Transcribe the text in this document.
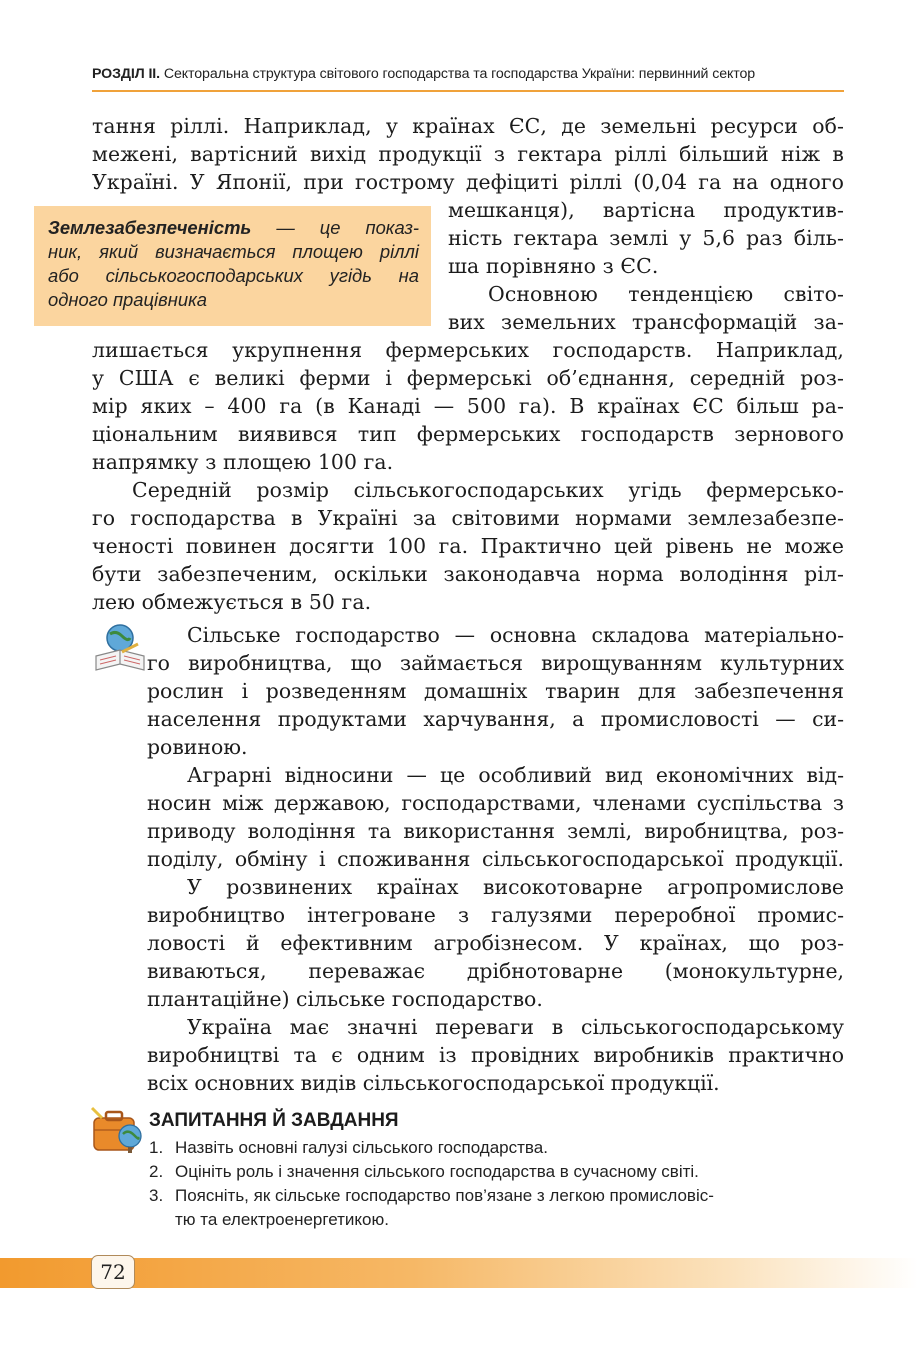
РОЗДІЛ ІІ. Секторальна структура світового господарства та господарства України: первинний сектор
тання ріллі. Наприклад, у країнах ЄС, де земельні ресурси об-
межені, вартісний вихід продукції з гектара ріллі більший ніж в
Україні. У Японії, при гострому дефіциті ріллі (0,04 га на одного
мешканця), вартісна продуктив-
ність гектара землі у 5,6 раз біль-
ша порівняно з ЄС.
Основною тенденцією світо-
вих земельних трансформацій за-
Землезабезпеченість — це показ-
ник, який визначається площею ріллі
або сільськогосподарських угідь на
одного працівника
лишається укрупнення фермерських господарств. Наприклад,
у США є великі ферми і фермерські об’єднання, середній роз-
мір яких – 400 га (в Канаді — 500 га). В країнах ЄС більш ра-
ціональним виявився тип фермерських господарств зернового
напрямку з площею 100 га.
Середній розмір сільськогосподарських угідь фермерсько-
го господарства в Україні за світовими нормами землезабезпе-
ченості повинен досягти 100 га. Практично цей рівень не може
бути забезпеченим, оскільки законодавча норма володіння ріл-
лею обмежується в 50 га.
Сільське господарство — основна складова матеріально-
го виробництва, що займається вирощуванням культурних
рослин і розведенням домашніх тварин для забезпечення
населення продуктами харчування, а промисловості — си-
ровиною.
Аграрні відносини — це особливий вид економічних від-
носин між державою, господарствами, членами суспільства з
приводу володіння та використання землі, виробництва, роз-
поділу, обміну і споживання сільськогосподарської продукції.
У розвинених країнах високотоварне агропромислове
виробництво інтегроване з галузями переробної промис-
ловості й ефективним агробізнесом. У країнах, що роз-
виваються, переважає дрібнотоварне (монокультурне,
плантаційне) сільське господарство.
Україна має значні переваги в сільськогосподарському
виробництві та є одним із провідних виробників практично
всіх основних видів сільськогосподарської продукції.
ЗАПИТАННЯ Й ЗАВДАННЯ
1. Назвіть основні галузі сільського господарства.
2. Оцініть роль і значення сільського господарства в сучасному світі.
3. Поясніть, як сільське господарство пов’язане з легкою промисловіс-
тю та електроенергетикою.
72
